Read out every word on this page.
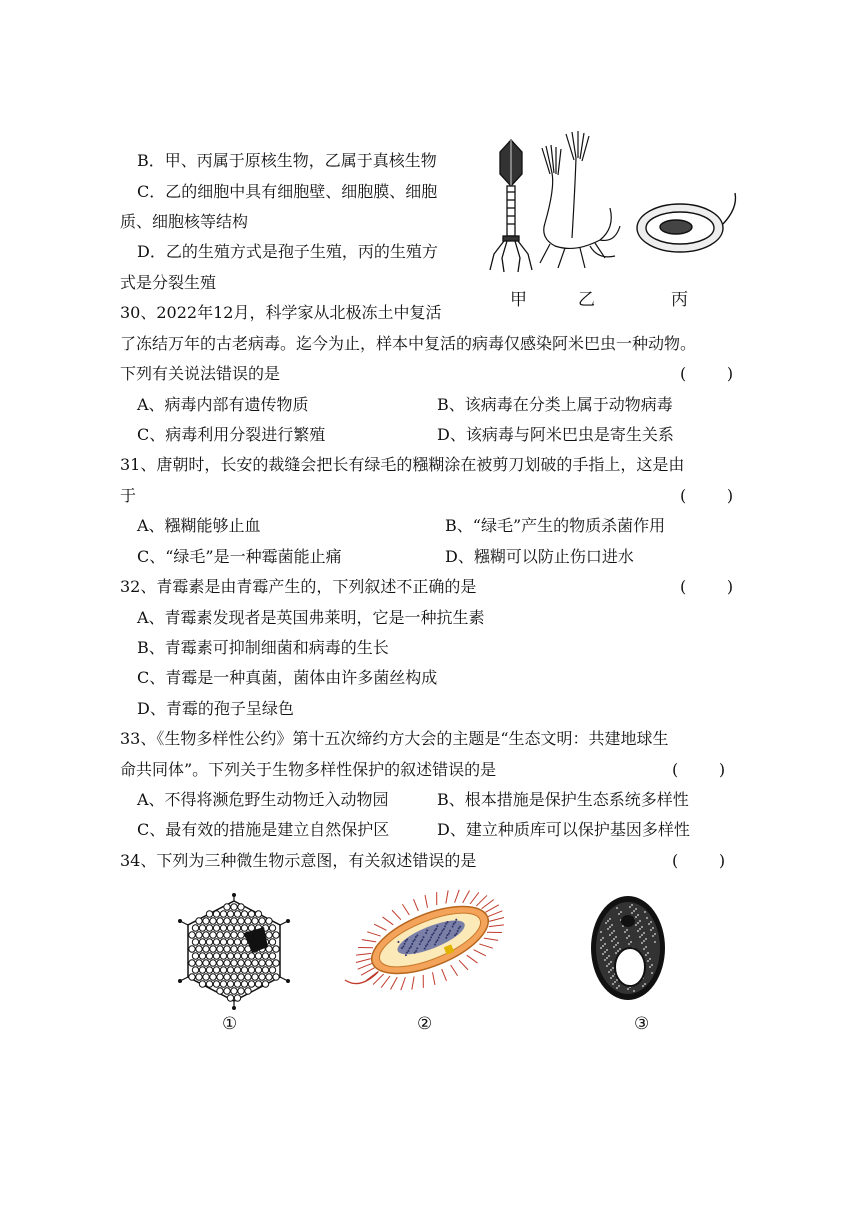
B．甲、丙属于原核生物，乙属于真核生物
C．乙的细胞中具有细胞壁、细胞膜、细胞
质、细胞核等结构
D．乙的生殖方式是孢子生殖，丙的生殖方
式是分裂生殖
甲	乙	丙
30、2022年12月，科学家从北极冻土中复活
了冻结万年的古老病毒。迄今为止，样本中复活的病毒仅感染阿米巴虫一种动物。
下列有关说法错误的是	(        )
A、病毒内部有遗传物质	B、该病毒在分类上属于动物病毒
C、病毒利用分裂进行繁殖	D、该病毒与阿米巴虫是寄生关系
31、唐朝时，长安的裁缝会把长有绿毛的糨糊涂在被剪刀划破的手指上，这是由
于	(        )
A、糨糊能够止血	B、“绿毛”产生的物质杀菌作用
C、“绿毛”是一种霉菌能止痛	D、糨糊可以防止伤口进水
32、青霉素是由青霉产生的，下列叙述不正确的是	(        )
A、青霉素发现者是英国弗莱明，它是一种抗生素
B、青霉素可抑制细菌和病毒的生长
C、青霉是一种真菌，菌体由许多菌丝构成
D、青霉的孢子呈绿色
33、《生物多样性公约》第十五次缔约方大会的主题是“生态文明：共建地球生
命共同体”。下列关于生物多样性保护的叙述错误的是	(        )
A、不得将濒危野生动物迁入动物园	B、根本措施是保护生态系统多样性
C、最有效的措施是建立自然保护区	D、建立种质库可以保护基因多样性
34、下列为三种微生物示意图，有关叙述错误的是	(        )
①	②	③
